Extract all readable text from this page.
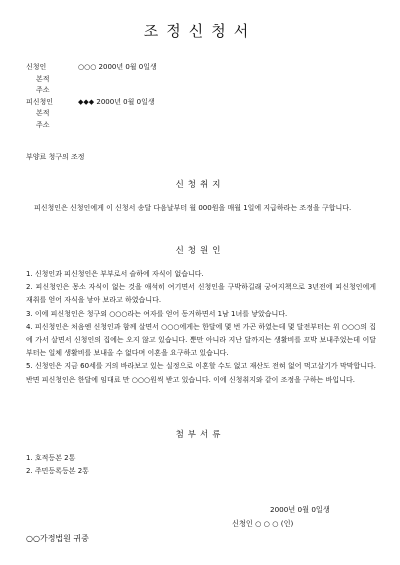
조정신청서
신청인	○○○ 2000년 0월 0일생
본적
주소
피신청인	◆◆◆ 2000년 0월 0일생
본적
주소
부양료 청구의 조정
신청취지
피신청인은 신청인에게 이 신청서 송달 다음날부터 월 000원을 매월 1일에 지급하라는 조정을 구합니다.
신청원인
1. 신청인과 피신청인은 부부로서 슬하에 자식이 없습니다.
2. 피신청인은 몽소 자식이 없는 것을 애석히 여기면서 신청인을 구박하길래 궁여지책으로 3년전에 피신청인에게 재취를 얻어 자식을 낳아 보라고 하였습니다.
3. 이에 피신청인은 청구외 ○○○라는 여자를 얻어 동거하면서 1남 1녀를 낳았습니다.
4. 피신청인은 처음엔 신청인과 함께 살면서 ○○○에게는 한달에 몇 번 가곤 하였는데 몇 달전부터는 위 ○○○의 집에 가서 살면서 신청인의 집에는 오지 않고 있습니다. 뿐만 아니라 지난 달까지는 생활비를 꼬박 보내주었는데 이달부터는 일체 생활비를 보내올 수 없다며 이혼을 요구하고 있습니다.
5. 신청인은 지금 60세를 거의 바라보고 있는 실정으로 이혼할 수도 없고 재산도 전혀 없어 먹고살기가 막막합니다. 반면 피신청인은 한달에 임대료 만 ○○○원씩 받고 있습니다. 이에 신청취지와 같이 조정을 구하는 바입니다.
첨부서류
1. 호적등본 2통
2. 주민등록등본 2통
2000년 0월 0일생
신청인 ○ ○ ○ (인)
○○가정법원 귀중
